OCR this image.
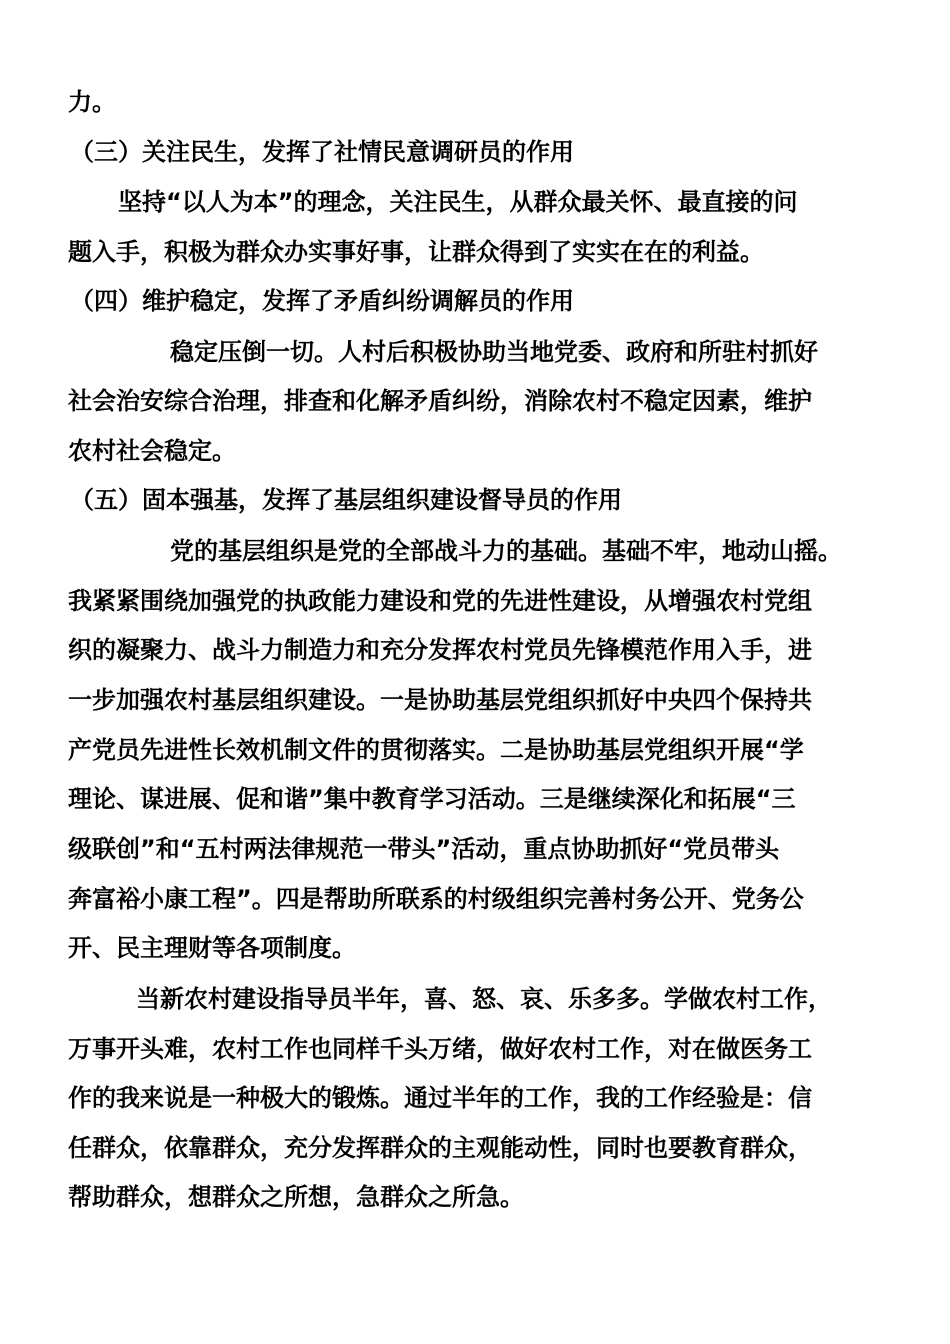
力。
（三）关注民生，发挥了社情民意调研员的作用
坚持“以人为本”的理念，关注民生，从群众最关怀、最直接的问
题入手，积极为群众办实事好事，让群众得到了实实在在的利益。
（四）维护稳定，发挥了矛盾纠纷调解员的作用
稳定压倒一切。人村后积极协助当地党委、政府和所驻村抓好
社会治安综合治理，排查和化解矛盾纠纷，消除农村不稳定因素，维护
农村社会稳定。
（五）固本强基，发挥了基层组织建设督导员的作用
党的基层组织是党的全部战斗力的基础。基础不牢，地动山摇。
我紧紧围绕加强党的执政能力建设和党的先进性建设，从增强农村党组
织的凝聚力、战斗力制造力和充分发挥农村党员先锋模范作用入手，进
一步加强农村基层组织建设。一是协助基层党组织抓好中央四个保持共
产党员先进性长效机制文件的贯彻落实。二是协助基层党组织开展“学
理论、谋进展、促和谐”集中教育学习活动。三是继续深化和拓展“三
级联创”和“五村两法律规范一带头”活动，重点协助抓好“党员带头
奔富裕小康工程”。四是帮助所联系的村级组织完善村务公开、党务公
开、民主理财等各项制度。
当新农村建设指导员半年，喜、怒、哀、乐多多。学做农村工作，
万事开头难，农村工作也同样千头万绪，做好农村工作，对在做医务工
作的我来说是一种极大的锻炼。通过半年的工作，我的工作经验是：信
任群众，依靠群众，充分发挥群众的主观能动性，同时也要教育群众，
帮助群众，想群众之所想，急群众之所急。
